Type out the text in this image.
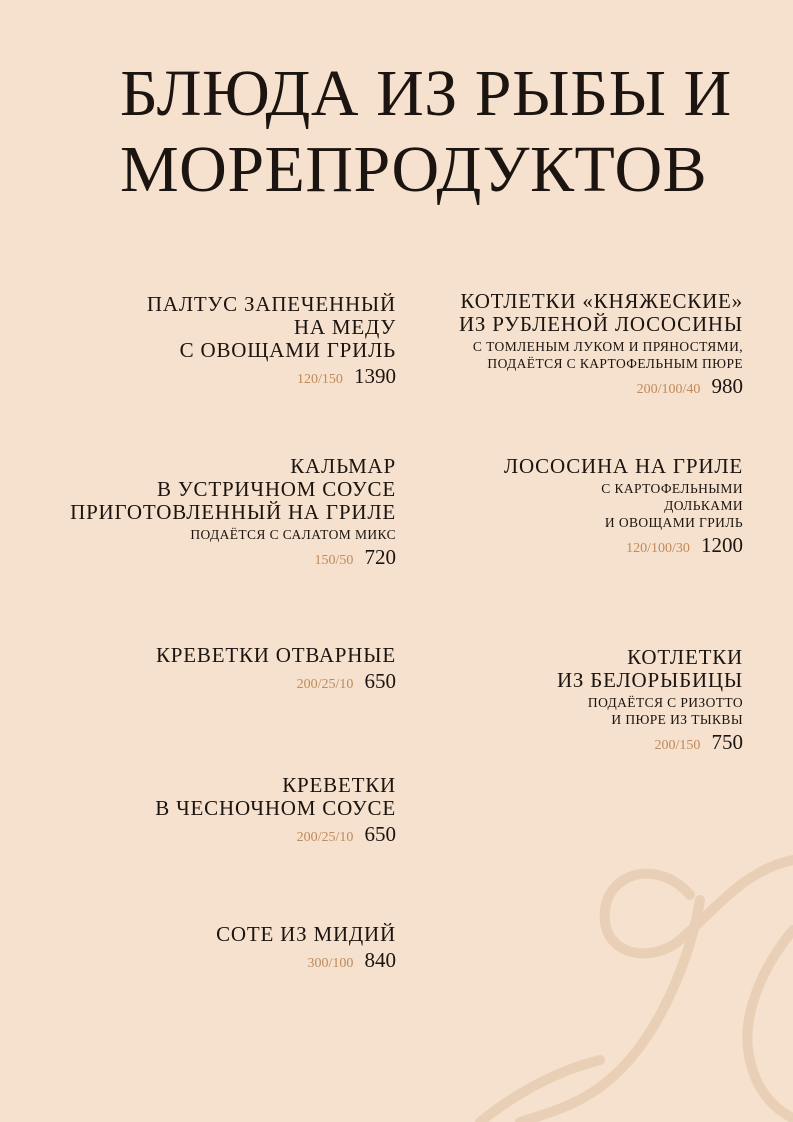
БЛЮДА ИЗ РЫБЫ И
МОРЕПРОДУКТОВ
ПАЛТУС ЗАПЕЧЕННЫЙ
НА МЕДУ
С ОВОЩАМИ ГРИЛЬ
120/150 1390
КАЛЬМАР
В УСТРИЧНОМ СОУСЕ
ПРИГОТОВЛЕННЫЙ НА ГРИЛЕ
ПОДАЁТСЯ С САЛАТОМ МИКС
150/50 720
КРЕВЕТКИ ОТВАРНЫЕ
200/25/10 650
КРЕВЕТКИ
В ЧЕСНОЧНОМ СОУСЕ
200/25/10 650
СОТЕ ИЗ МИДИЙ
300/100 840
КОТЛЕТКИ «КНЯЖЕСКИЕ»
ИЗ РУБЛЕНОЙ ЛОСОСИНЫ
С ТОМЛЕНЫМ ЛУКОМ И ПРЯНОСТЯМИ,
ПОДАЁТСЯ С КАРТОФЕЛЬНЫМ ПЮРЕ
200/100/40 980
ЛОСОСИНА НА ГРИЛЕ
С КАРТОФЕЛЬНЫМИ
ДОЛЬКАМИ
И ОВОЩАМИ ГРИЛЬ
120/100/30 1200
КОТЛЕТКИ
ИЗ БЕЛОРЫБИЦЫ
ПОДАЁТСЯ С РИЗОТТО
И ПЮРЕ ИЗ ТЫКВЫ
200/150 750
